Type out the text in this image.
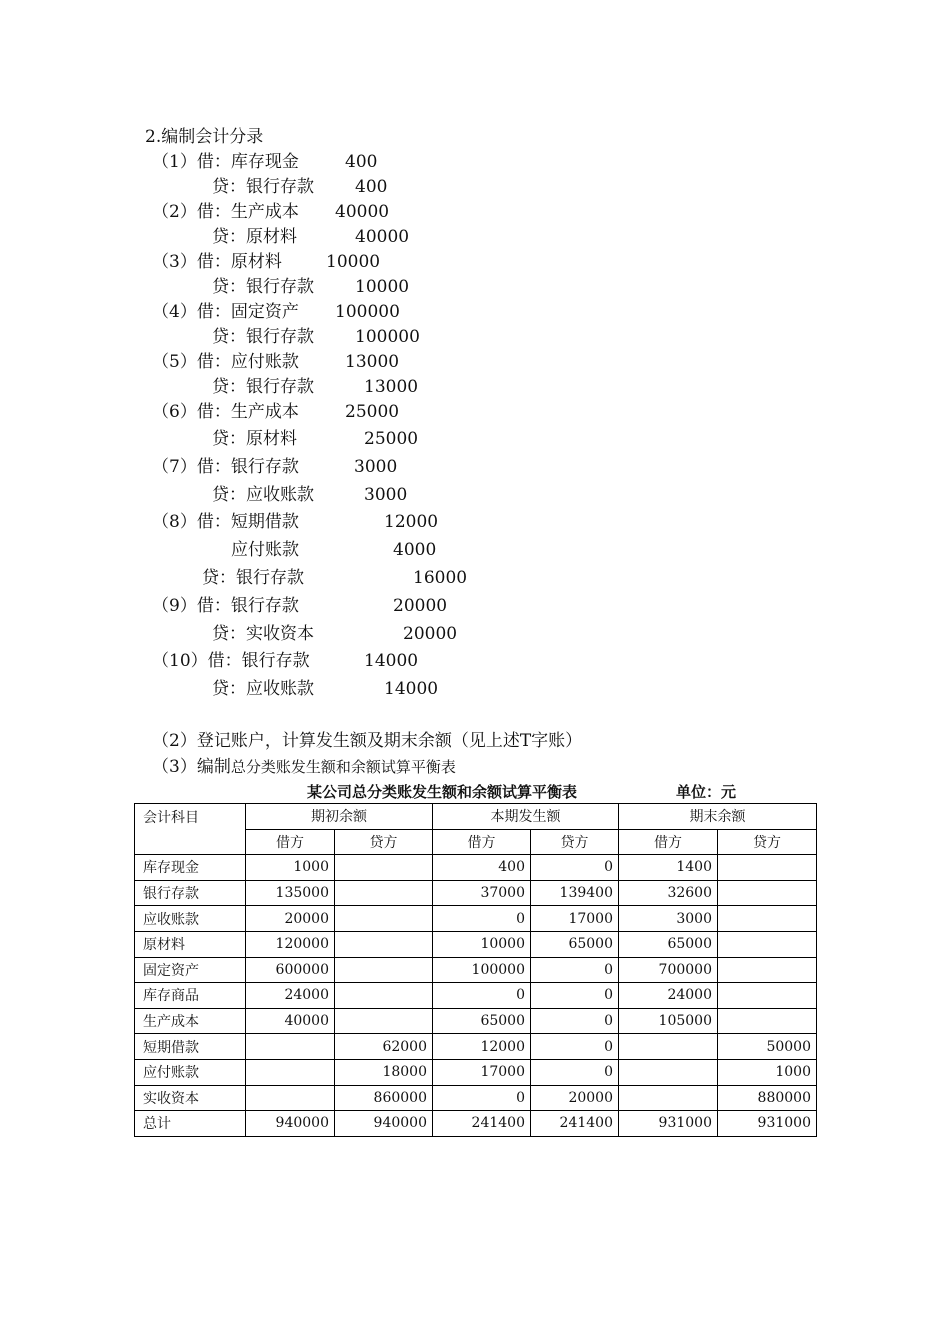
2.编制会计分录
（1）借：库存现金	400
贷：银行存款 400
（2）借：生产成本 40000
贷：原材料	40000
（3）借：原材料	10000
贷：银行存款 10000
（4）借：固定资产 100000
贷：银行存款 100000
（5）借：应付账款	13000
贷：银行存款	13000
（6）借：生产成本	25000
贷：原材料	25000
（7）借：银行存款	3000
贷：应收账款	3000
（8）借：短期借款	12000
应付账款	4000
贷：银行存款	16000
（9）借：银行存款	20000
贷：实收资本	20000
（10）借：银行存款	14000
贷：应收账款	14000
（2）登记账户，计算发生额及期末余额（见上述T字账）
（3）编制总分类账发生额和余额试算平衡表
某公司总分类账发生额和余额试算平衡表	单位：元
会计科目	期初余额		本期发生额		期末余额	
	借方	贷方	借方	贷方	借方	贷方
库存现金	1000		400	0	1400	
银行存款	135000		37000	139400	32600	
应收账款	20000		0	17000	3000	
原材料	120000		10000	65000	65000	
固定资产	600000		100000	0	700000	
库存商品	24000		0	0	24000	
生产成本	40000		65000	0	105000	
短期借款		62000	12000	0		50000
应付账款		18000	17000	0		1000
实收资本		860000	0	20000		880000
总计	940000	940000	241400	241400	931000	931000
